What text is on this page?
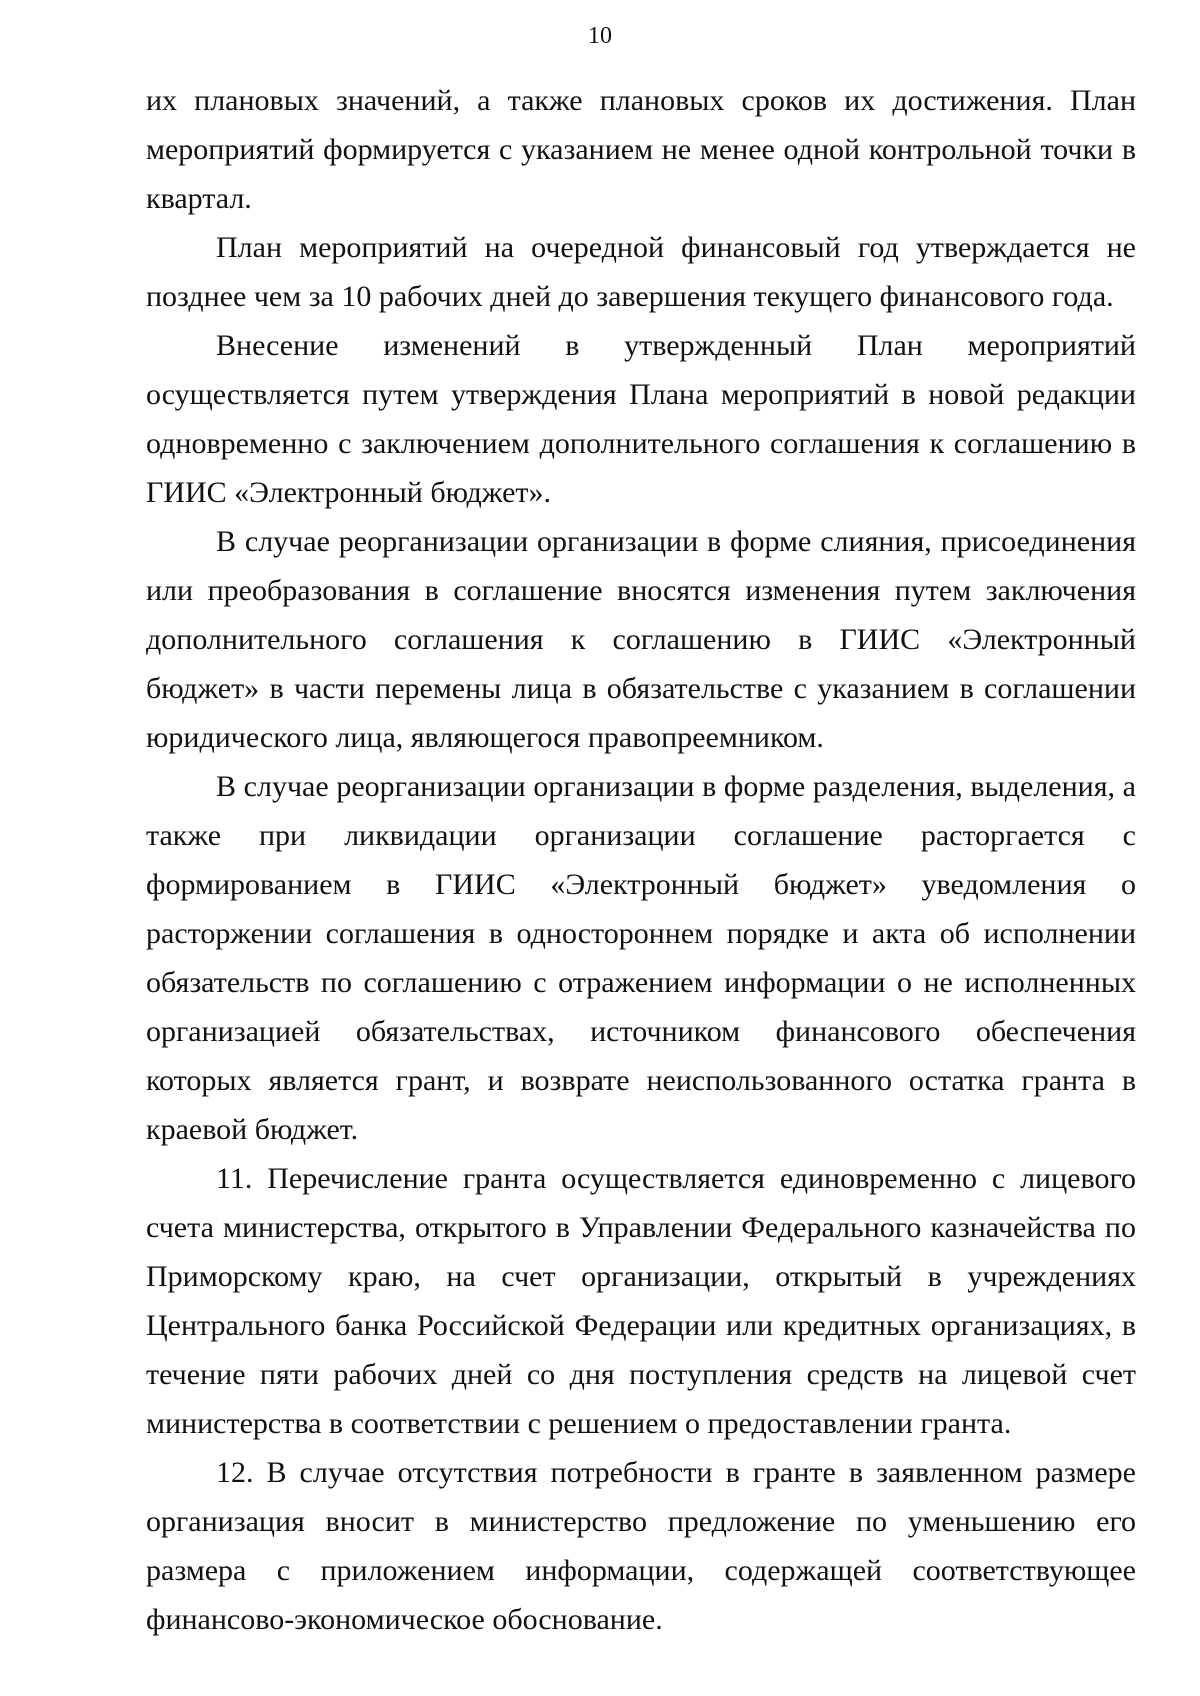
10

их плановых значений, а также плановых сроков их достижения. План мероприятий формируется с указанием не менее одной контрольной точки в квартал.

План мероприятий на очередной финансовый год утверждается не позднее чем за 10 рабочих дней до завершения текущего финансового года.

Внесение изменений в утвержденный План мероприятий осуществляется путем утверждения Плана мероприятий в новой редакции одновременно с заключением дополнительного соглашения к соглашению в ГИИС «Электронный бюджет».

В случае реорганизации организации в форме слияния, присоединения или преобразования в соглашение вносятся изменения путем заключения дополнительного соглашения к соглашению в ГИИС «Электронный бюджет» в части перемены лица в обязательстве с указанием в соглашении юридического лица, являющегося правопреемником.

В случае реорганизации организации в форме разделения, выделения, а также при ликвидации организации соглашение расторгается с формированием в ГИИС «Электронный бюджет» уведомления о расторжении соглашения в одностороннем порядке и акта об исполнении обязательств по соглашению с отражением информации о не исполненных организацией обязательствах, источником финансового обеспечения которых является грант, и возврате неиспользованного остатка гранта в краевой бюджет.

11. Перечисление гранта осуществляется единовременно с лицевого счета министерства, открытого в Управлении Федерального казначейства по Приморскому краю, на счет организации, открытый в учреждениях Центрального банка Российской Федерации или кредитных организациях, в течение пяти рабочих дней со дня поступления средств на лицевой счет министерства в соответствии с решением о предоставлении гранта.

12. В случае отсутствия потребности в гранте в заявленном размере организация вносит в министерство предложение по уменьшению его размера с приложением информации, содержащей соответствующее финансово-экономическое обоснование.
